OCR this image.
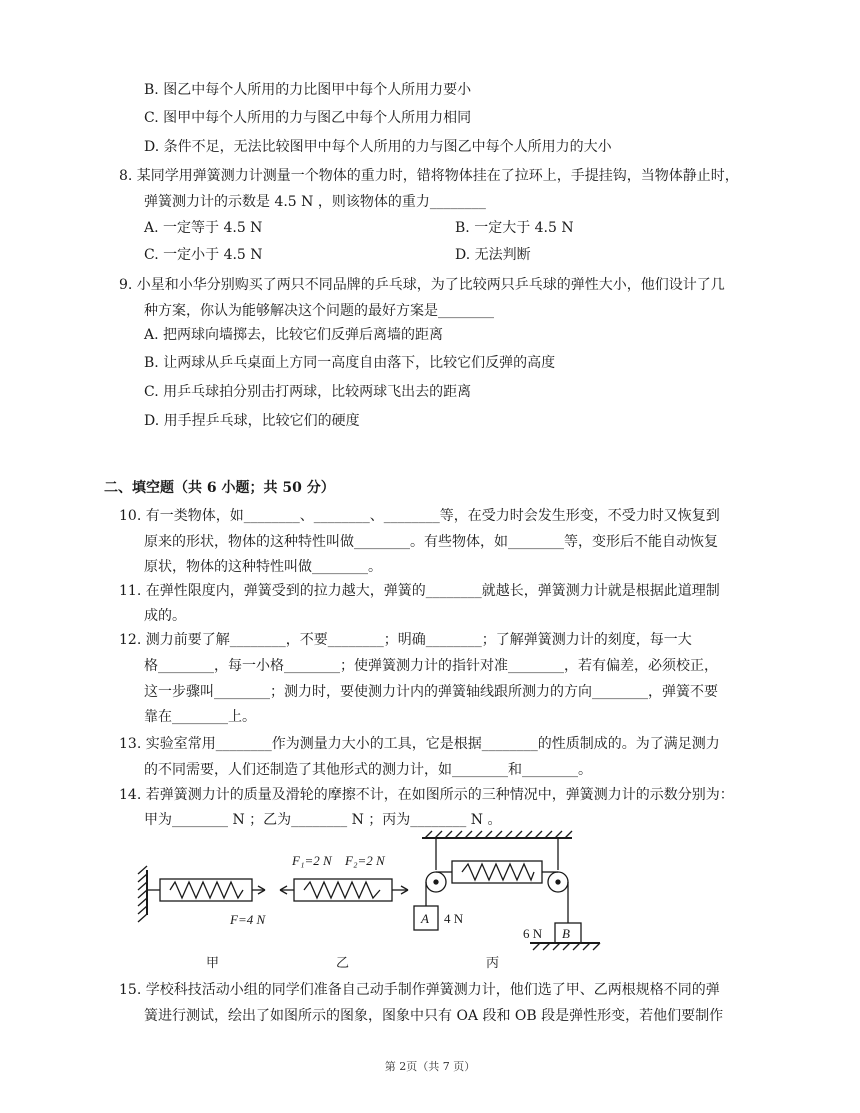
B. 图乙中每个人所用的力比图甲中每个人所用力要小
C. 图甲中每个人所用的力与图乙中每个人所用力相同
D. 条件不足，无法比较图甲中每个人所用的力与图乙中每个人所用力的大小
8. 某同学用弹簧测力计测量一个物体的重力时，错将物体挂在了拉环上，手提挂钩，当物体静止时，
弹簧测力计的示数是 4.5 N ，则该物体的重力________
A. 一定等于 4.5 N	B. 一定大于 4.5 N
C. 一定小于 4.5 N	D. 无法判断
9. 小星和小华分别购买了两只不同品牌的乒乓球，为了比较两只乒乓球的弹性大小，他们设计了几
种方案，你认为能够解决这个问题的最好方案是________
A. 把两球向墙掷去，比较它们反弹后离墙的距离
B. 让两球从乒乓桌面上方同一高度自由落下，比较它们反弹的高度
C. 用乒乓球拍分别击打两球，比较两球飞出去的距离
D. 用手捏乒乓球，比较它们的硬度
二、填空题（共 6 小题；共 50 分）
10. 有一类物体，如________、________、________等，在受力时会发生形变，不受力时又恢复到
原来的形状，物体的这种特性叫做________。有些物体，如________等，变形后不能自动恢复
原状，物体的这种特性叫做________。
11. 在弹性限度内，弹簧受到的拉力越大，弹簧的________就越长，弹簧测力计就是根据此道理制
成的。
12. 测力前要了解________，不要________；明确________；了解弹簧测力计的刻度，每一大
格________，每一小格________；使弹簧测力计的指针对准________，若有偏差，必须校正，
这一步骤叫________；测力时，要使测力计内的弹簧轴线跟所测力的方向________，弹簧不要
靠在________上。
13. 实验室常用________作为测量力大小的工具，它是根据________的性质制成的。为了满足测力
的不同需要，人们还制造了其他形式的测力计，如________和________。
14. 若弹簧测力计的质量及滑轮的摩擦不计，在如图所示的三种情况中，弹簧测力计的示数分别为：
甲为________ N ；乙为________ N ；丙为________ N 。
F=4 N
F₁=2 N F₂=2 N
A 4 N
B
6 N
甲	乙	丙
15. 学校科技活动小组的同学们准备自己动手制作弹簧测力计，他们选了甲、乙两根规格不同的弹
簧进行测试，绘出了如图所示的图象，图象中只有 OA 段和 OB 段是弹性形变，若他们要制作
第 2页（共 7 页）
